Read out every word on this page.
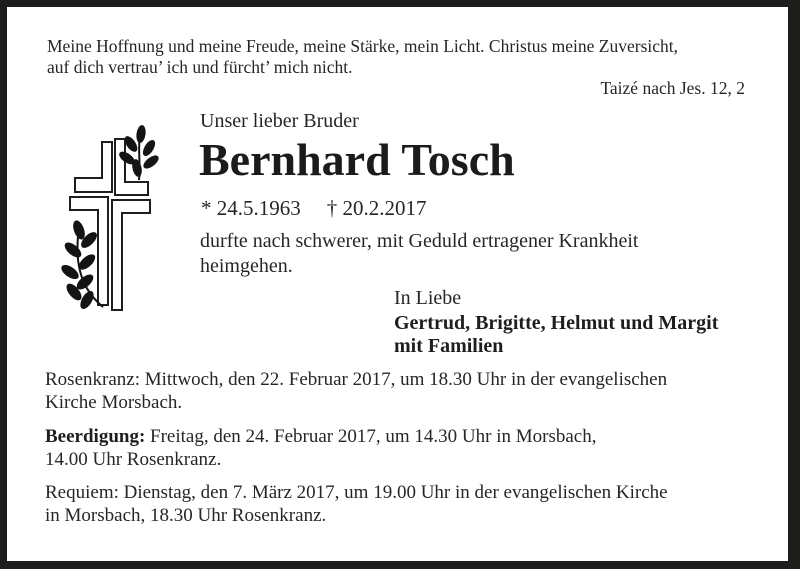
Meine Hoffnung und meine Freude, meine Stärke, mein Licht. Christus meine Zuversicht,
auf dich vertrau’ ich und fürcht’ mich nicht.
Taizé nach Jes. 12, 2
Unser lieber Bruder
Bernhard Tosch
* 24.5.1963 † 20.2.2017
durfte nach schwerer, mit Geduld ertragener Krankheit
heimgehen.
In Liebe
Gertrud, Brigitte, Helmut und Margit
mit Familien
Rosenkranz: Mittwoch, den 22. Februar 2017, um 18.30 Uhr in der evangelischen
Kirche Morsbach.
Beerdigung: Freitag, den 24. Februar 2017, um 14.30 Uhr in Morsbach,
14.00 Uhr Rosenkranz.
Requiem: Dienstag, den 7. März 2017, um 19.00 Uhr in der evangelischen Kirche
in Morsbach, 18.30 Uhr Rosenkranz.
